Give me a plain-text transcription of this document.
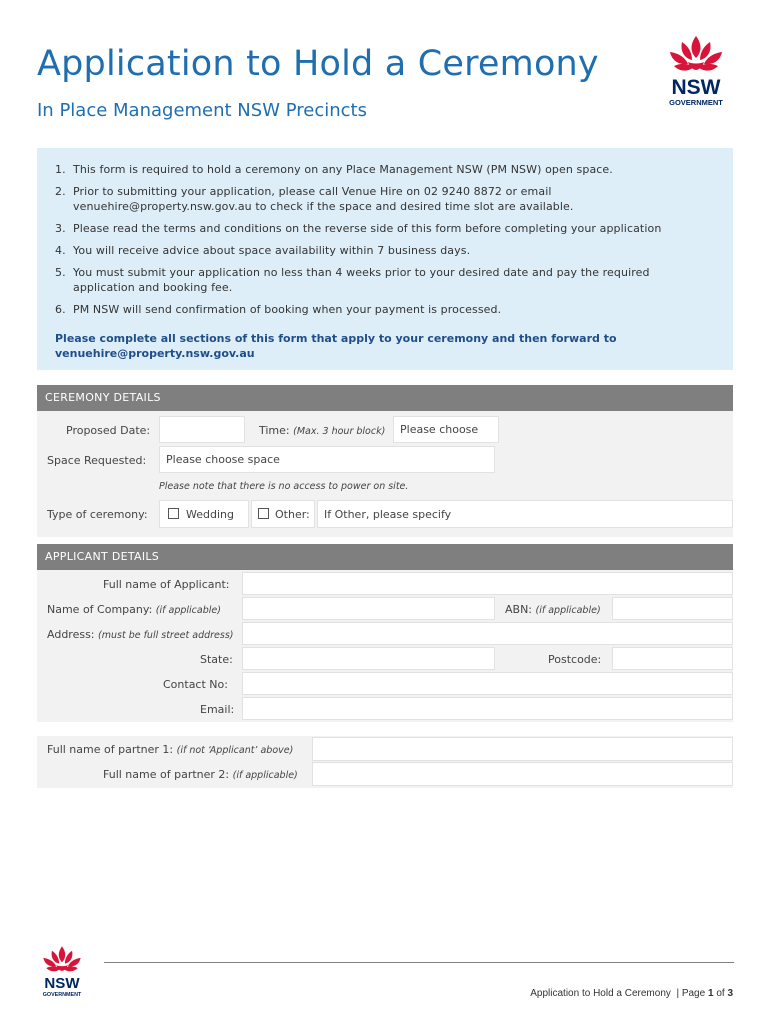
Application to Hold a Ceremony
In Place Management NSW Precincts
NSW
GOVERNMENT
1. This form is required to hold a ceremony on any Place Management NSW (PM NSW) open space.
2. Prior to submitting your application, please call Venue Hire on 02 9240 8872 or email venuehire@property.nsw.gov.au to check if the space and desired time slot are available.
3. Please read the terms and conditions on the reverse side of this form before completing your application
4. You will receive advice about space availability within 7 business days.
5. You must submit your application no less than 4 weeks prior to your desired date and pay the required application and booking fee.
6. PM NSW will send confirmation of booking when your payment is processed.
Please complete all sections of this form that apply to your ceremony and then forward to venuehire@property.nsw.gov.au
CEREMONY DETAILS
Proposed Date:	Time: (Max. 3 hour block)	Please choose
Space Requested:	Please choose space
Please note that there is no access to power on site.
Type of ceremony:	Wedding	Other:	If Other, please specify
APPLICANT DETAILS
Full name of Applicant:
Name of Company: (if applicable)	ABN: (if applicable)
Address: (must be full street address)
State:	Postcode:
Contact No:
Email:
Full name of partner 1: (if not ‘Applicant’ above)
Full name of partner 2: (if applicable)
NSW
GOVERNMENT	Application to Hold a Ceremony | Page 1 of 3
